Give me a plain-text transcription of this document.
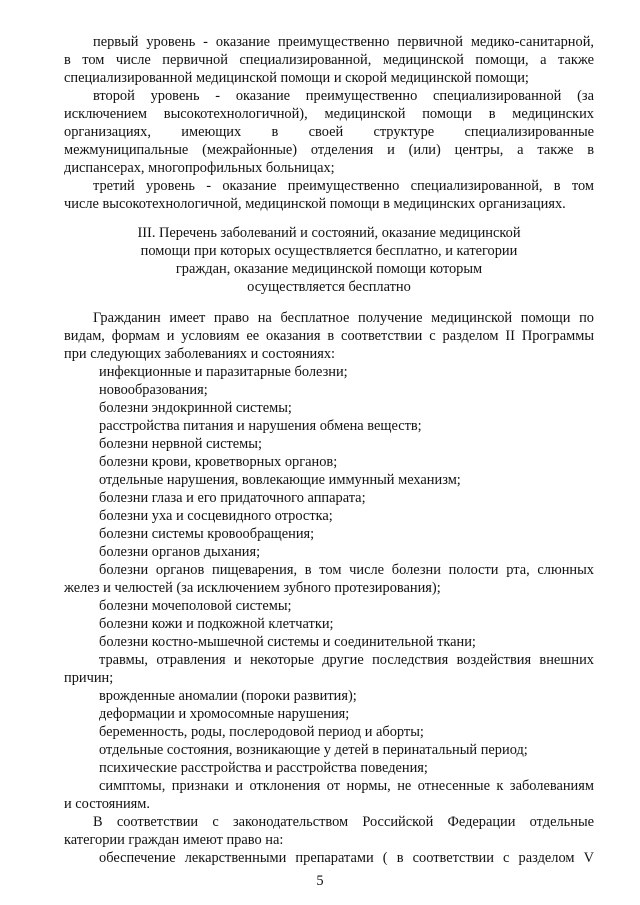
первый уровень - оказание преимущественно первичной медико-санитарной,

в том числе первичной специализированной, медицинской помощи, а также

специализированной медицинской помощи и скорой медицинской помощи;

второй уровень - оказание преимущественно специализированной (за

исключением высокотехнологичной), медицинской помощи в медицинских

организациях, имеющих в своей структуре специализированные

межмуниципальные (межрайонные) отделения и (или) центры, а также в

диспансерах, многопрофильных больницах;

третий уровень - оказание преимущественно специализированной, в том

числе высокотехнологичной, медицинской помощи в медицинских организациях.

III. Перечень заболеваний и состояний, оказание медицинской

помощи при которых осуществляется бесплатно, и категории

граждан, оказание медицинской помощи которым

осуществляется бесплатно

Гражданин имеет право на бесплатное получение медицинской помощи по

видам, формам и условиям ее оказания в соответствии с разделом II Программы

при следующих заболеваниях и состояниях:

инфекционные и паразитарные болезни;

новообразования;

болезни эндокринной системы;

расстройства питания и нарушения обмена веществ;

болезни нервной системы;

болезни крови, кроветворных органов;

отдельные нарушения, вовлекающие иммунный механизм;

болезни глаза и его придаточного аппарата;

болезни уха и сосцевидного отростка;

болезни системы кровообращения;

болезни органов дыхания;

болезни органов пищеварения, в том числе болезни полости рта, слюнных

желез и челюстей (за исключением зубного протезирования);

болезни мочеполовой системы;

болезни кожи и подкожной клетчатки;

болезни костно-мышечной системы и соединительной ткани;

травмы, отравления и некоторые другие последствия воздействия внешних

причин;

врожденные аномалии (пороки развития);

деформации и хромосомные нарушения;

беременность, роды, послеродовой период и аборты;

отдельные состояния, возникающие у детей в перинатальный период;

психические расстройства и расстройства поведения;

симптомы, признаки и отклонения от нормы, не отнесенные к заболеваниям

и состояниям.

В соответствии с законодательством Российской Федерации отдельные

категории граждан имеют право на:

обеспечение лекарственными препаратами ( в соответствии с разделом V

5
